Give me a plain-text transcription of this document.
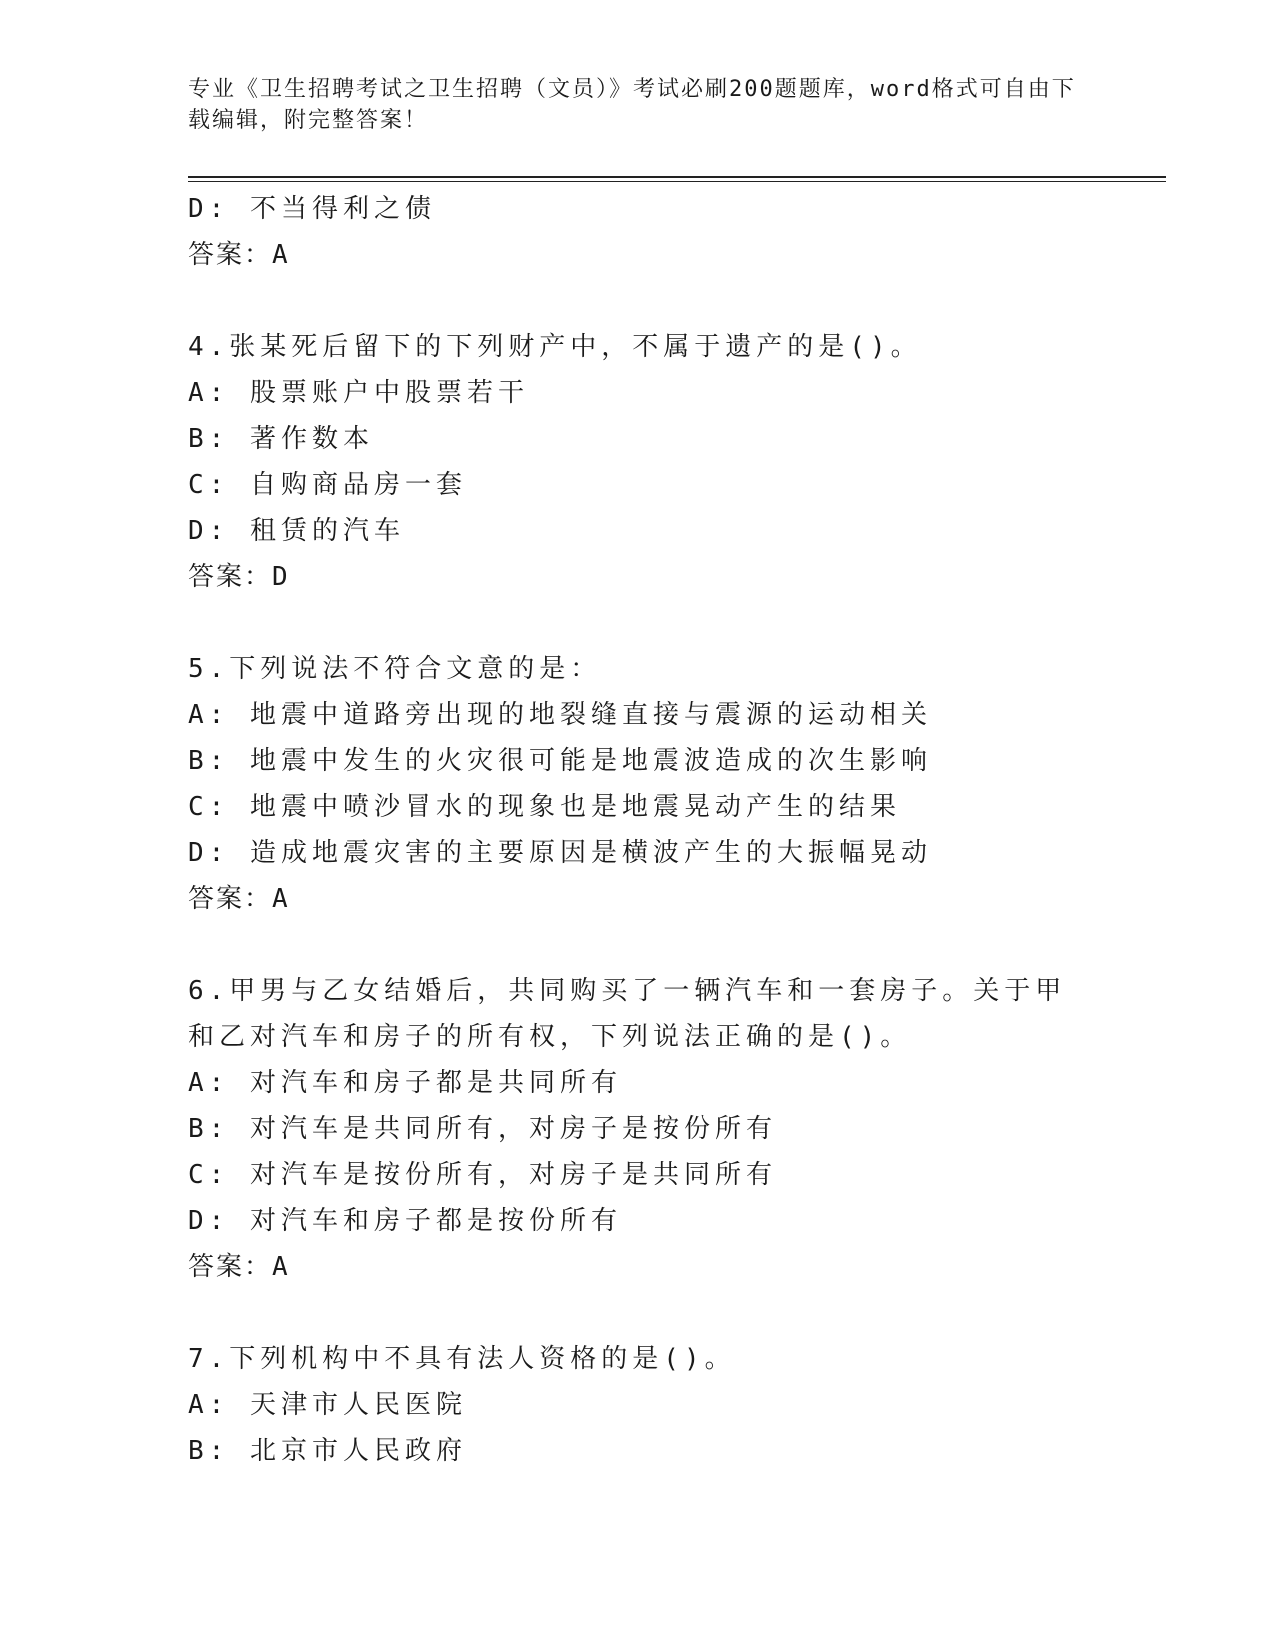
专业《卫生招聘考试之卫生招聘（文员）》考试必刷200题题库，word格式可自由下载编辑，附完整答案！
D: 不当得利之债
答案：A
4.张某死后留下的下列财产中，不属于遗产的是()。
A: 股票账户中股票若干
B: 著作数本
C: 自购商品房一套
D: 租赁的汽车
答案：D
5.下列说法不符合文意的是：
A: 地震中道路旁出现的地裂缝直接与震源的运动相关
B: 地震中发生的火灾很可能是地震波造成的次生影响
C: 地震中喷沙冒水的现象也是地震晃动产生的结果
D: 造成地震灾害的主要原因是横波产生的大振幅晃动
答案：A
6.甲男与乙女结婚后，共同购买了一辆汽车和一套房子。关于甲和乙对汽车和房子的所有权，下列说法正确的是()。
A: 对汽车和房子都是共同所有
B: 对汽车是共同所有，对房子是按份所有
C: 对汽车是按份所有，对房子是共同所有
D: 对汽车和房子都是按份所有
答案：A
7.下列机构中不具有法人资格的是()。
A: 天津市人民医院
B: 北京市人民政府
